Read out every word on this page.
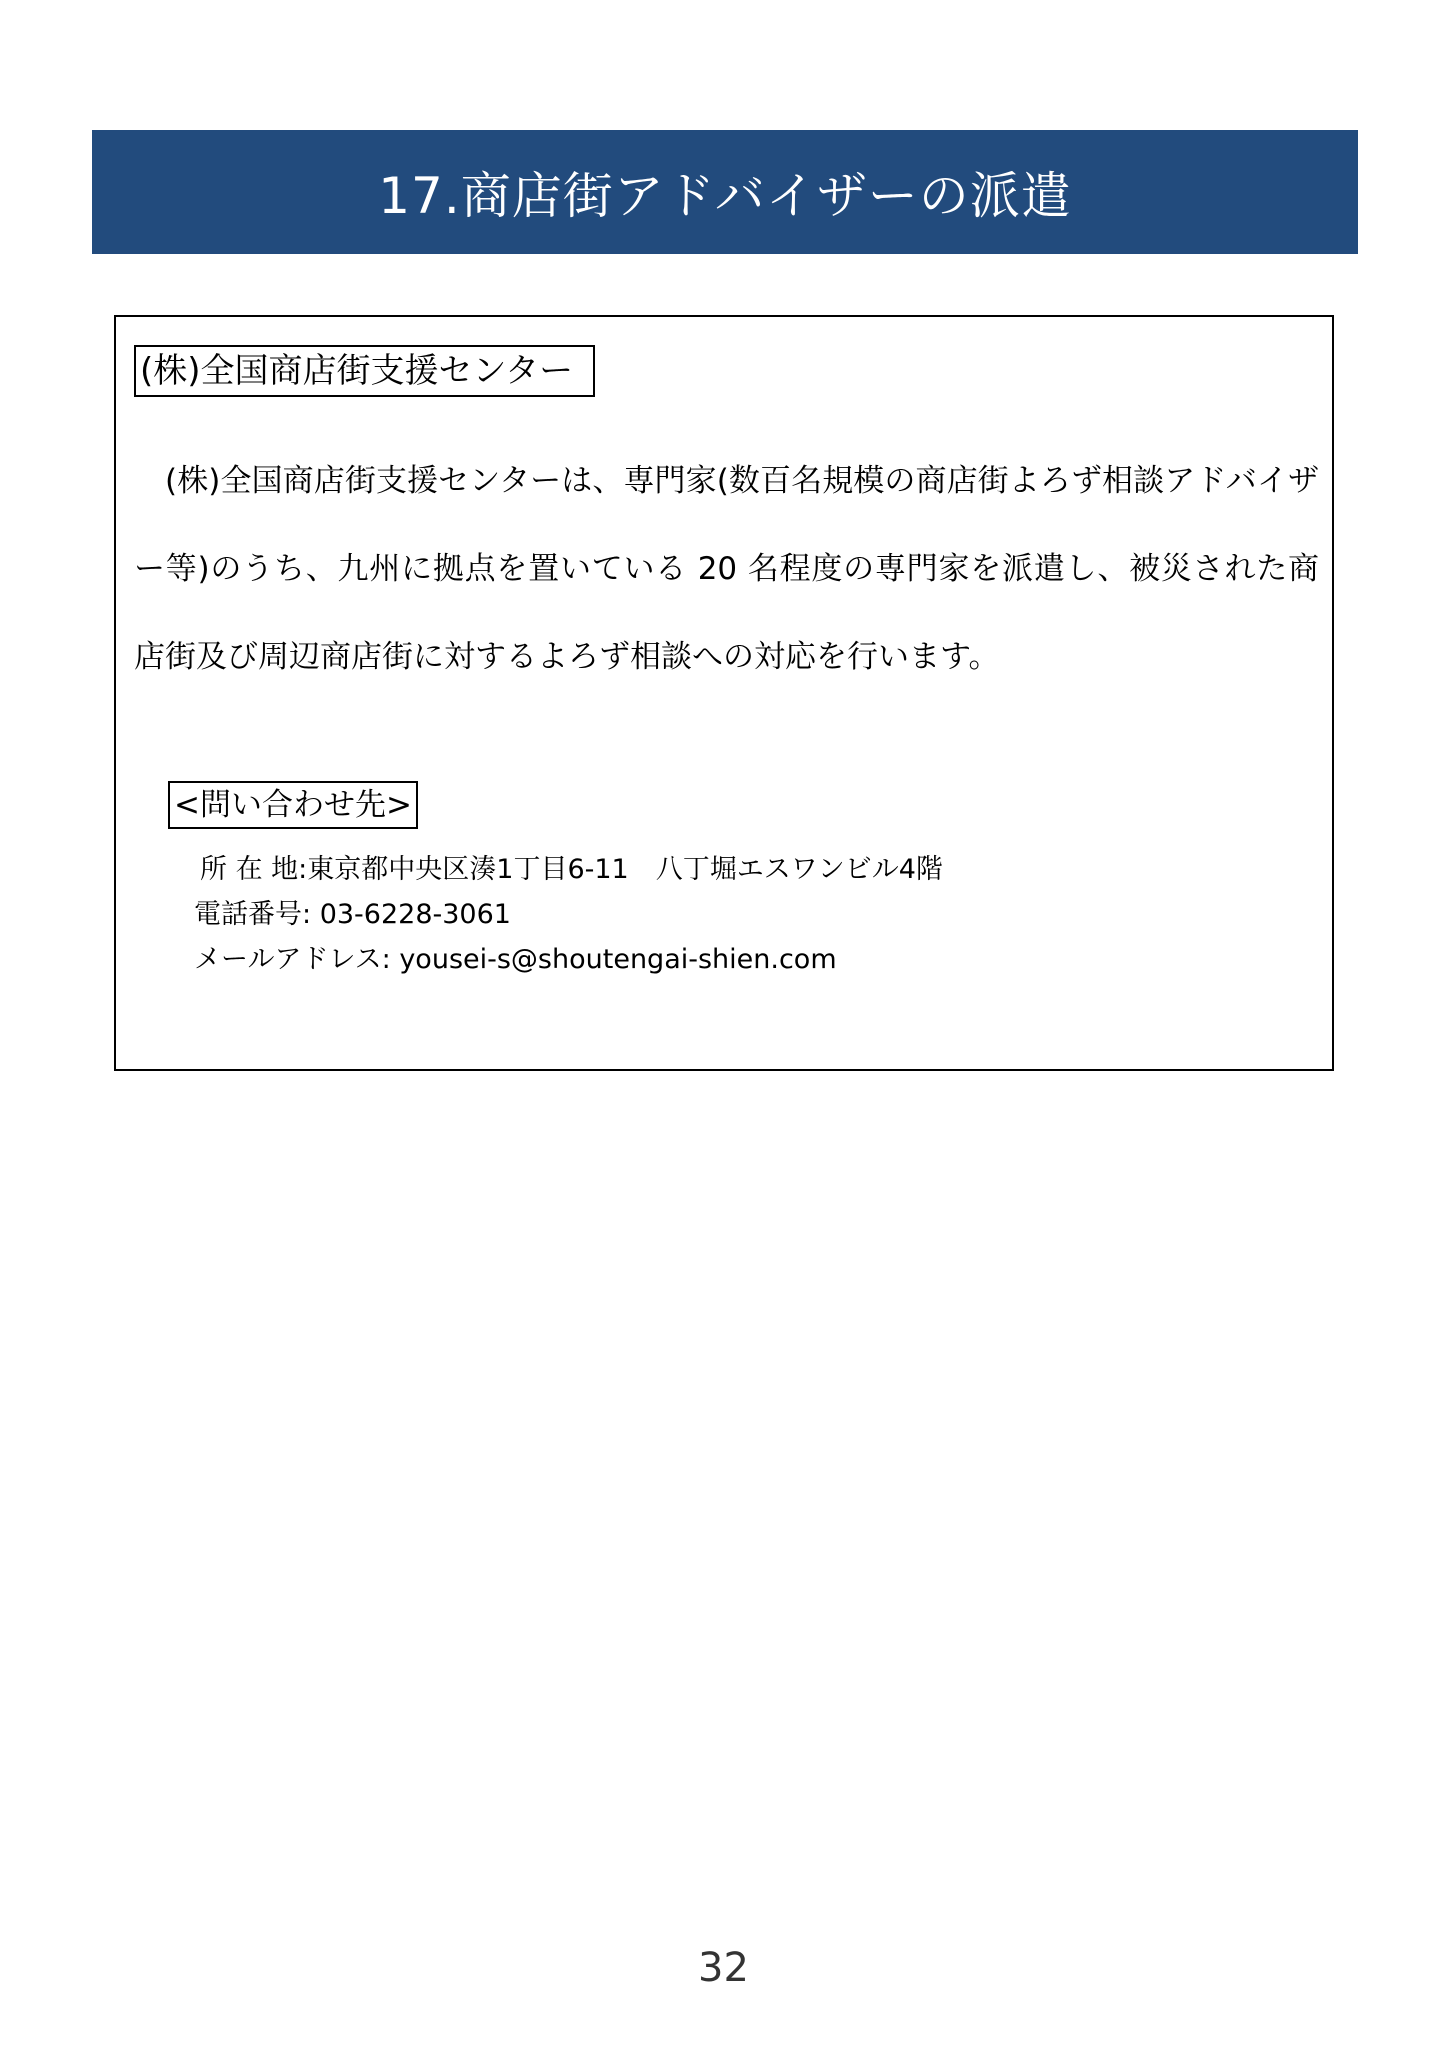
17.商店街アドバイザーの派遣
(株)全国商店街支援センター
(株)全国商店街支援センターは、専門家(数百名規模の商店街よろず相談アドバイザー等)のうち、九州に拠点を置いている 20 名程度の専門家を派遣し、被災された商店街及び周辺商店街に対するよろず相談への対応を行います。
<問い合わせ先>
所 在 地:東京都中央区湊1丁目6-11　八丁堀エスワンビル4階
電話番号: 03-6228-3061
メールアドレス: yousei-s@shoutengai-shien.com
32
